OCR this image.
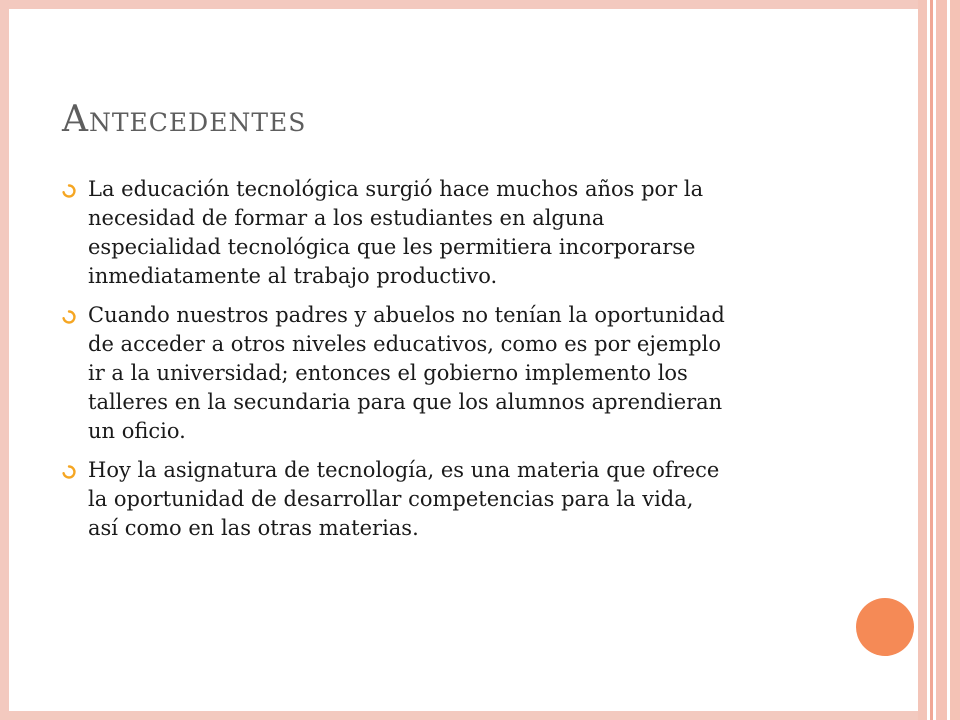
Antecedentes
La educación tecnológica surgió hace muchos años por la
necesidad de formar a los estudiantes en alguna
especialidad tecnológica que les permitiera incorporarse
inmediatamente al trabajo productivo.
Cuando nuestros padres y abuelos no tenían la oportunidad
de acceder a otros niveles educativos, como es por ejemplo
ir a la universidad; entonces el gobierno implemento los
talleres en la secundaria para que los alumnos aprendieran
un oficio.
Hoy la asignatura de tecnología, es una materia que ofrece
la oportunidad de desarrollar competencias para la vida,
así como en las otras materias.
